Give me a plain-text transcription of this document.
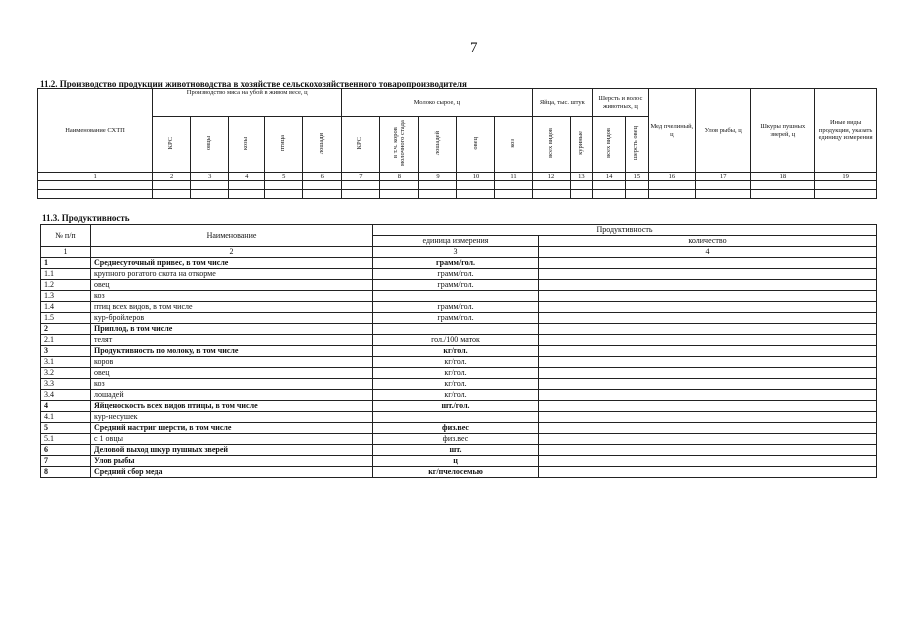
7
11.2. Производство продукции животноводства в хозяйстве сельскохозяйственного товаропроизводителя
Наименование СХТП	Производство мяса на убой в живом весе, ц					Молоко сырое, ц					Яйца, тыс. штук		Шерсть и волос животных, ц		Мед пчелиный, ц	Улов рыбы, ц	Шкуры пушных зверей, ц	Иные виды продукции, указать единицу измерения
	КРС	овцы	козы	птица	лошади	КРС	в т.ч. коров молочного стада	лошадей	овец	коз	всех видов	куриные	всех видов	шерсть овец				
1	2	3	4	5	6	7	8	9	10	11	12	13	14	15	16	17	18	19

11.3. Продуктивность
№ п/п	Наименование	Продуктивность	
		единица измерения	количество
1	2	3	4
1	Среднесуточный привес, в том числе	грамм/гол.	
1.1	крупного рогатого скота на откорме	грамм/гол.	
1.2	овец	грамм/гол.	
1.3	коз		
1.4	птиц всех видов, в том числе	грамм/гол.	
1.5	кур-бройлеров	грамм/гол.	
2	Приплод, в том числе		
2.1	телят	гол./100 маток	
3	Продуктивность по молоку, в том числе	кг/гол.	
3.1	коров	кг/гол.	
3.2	овец	кг/гол.	
3.3	коз	кг/гол.	
3.4	лошадей	кг/гол.	
4	Яйценоскость всех видов птицы, в том числе	шт./гол.	
4.1	кур-несушек		
5	Средний настриг шерсти, в том числе	физ.вес	
5.1	с 1 овцы	физ.вес	
6	Деловой выход шкур пушных зверей	шт.	
7	Улов рыбы	ц	
8	Средний сбор меда	кг/пчелосемью	
